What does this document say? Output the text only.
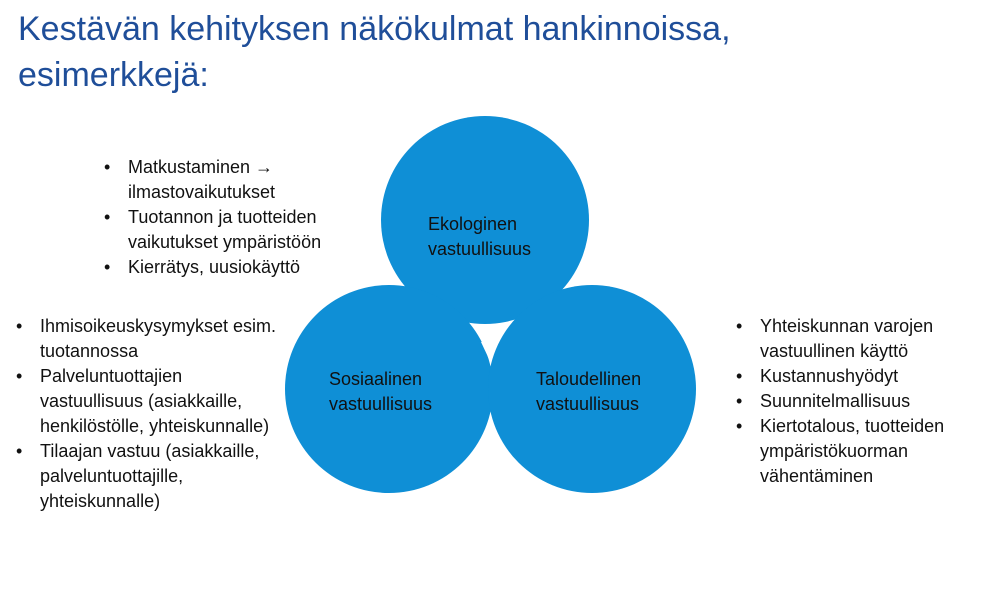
Kestävän kehityksen näkökulmat hankinnoissa,
esimerkkejä:
Ekologinen
vastuullisuus
Sosiaalinen
vastuullisuus
Taloudellinen
vastuullisuus
• Matkustaminen → ilmastovaikutukset
• Tuotannon ja tuotteiden vaikutukset ympäristöön
• Kierrätys, uusiokäyttö
• Ihmisoikeuskysymykset esim. tuotannossa
• Palveluntuottajien vastuullisuus (asiakkaille, henkilöstölle, yhteiskunnalle)
• Tilaajan vastuu (asiakkaille, palveluntuottajille, yhteiskunnalle)
• Yhteiskunnan varojen vastuullinen käyttö
• Kustannushyödyt
• Suunnitelmallisuus
• Kiertotalous, tuotteiden ympäristökuorman vähentäminen
